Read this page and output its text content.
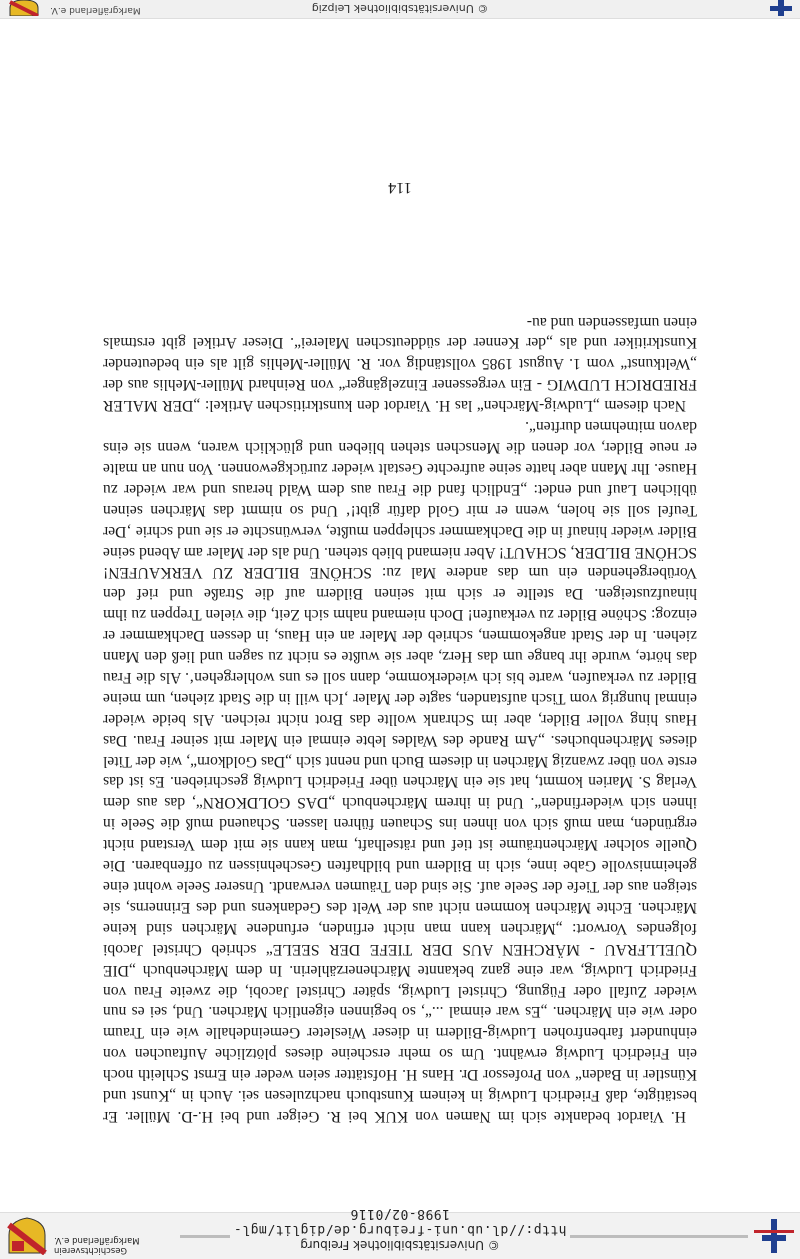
© Universitätsbibliothek Freiburg
http://dl.ub.uni-freiburg.de/diglit/mgl-1998-02/0116
Geschichtsverein
Markgräflerland e.V.

H. Viardot bedankte sich im Namen von KUK bei R. Geiger und bei H.-D. Müller. Er bestätigte, daß Friedrich Ludwig in keinem Kunstbuch nachzulesen sei. Auch in „Kunst und Künstler in Baden“ von Professor Dr. Hans H. Hofstätter seien weder ein Ernst Schleith noch ein Friedrich Ludwig erwähnt. Um so mehr erscheine dieses plötzliche Auftauchen von einhundert farbenfrohen Ludwig-Bildern in dieser Wieslеter Gemeindehalle wie ein Traum oder wie ein Märchen. „Es war einmal ...“, so beginnen eigentlich Märchen. Und, sei es nun wieder Zufall oder Fügung, Christel Ludwig, später Christel Jacobi, die zweite Frau von Friedrich Ludwig, war eine ganz bekannte Märchenerzählerin. In dem Märchenbuch „DIE QUELLFRAU - MÄRCHEN AUS DER TIEFE DER SEELE“ schrieb Christel Jacobi folgendes Vorwort: „Märchen kann man nicht erfinden, erfundene Märchen sind keine Märchen. Echte Märchen kommen nicht aus der Welt des Gedankens und des Erinnerns, sie steigen aus der Tiefe der Seele auf. Sie sind den Träumen verwandt. Unserer Seele wohnt eine geheimnisvolle Gabe inne, sich in Bildern und bildhaften Geschehnissen zu offenbaren. Die Quelle solcher Märchenträume ist tief und rätselhaft, man kann sie mit dem Verstand nicht ergründen, man muß sich von ihnen ins Schauen führen lassen. Schauend muß die Seele in ihnen sich wiederfinden“. Und in ihrem Märchenbuch „DAS GOLDKORN“, das aus dem Verlag S. Marien kommt, hat sie ein Märchen über Friedrich Ludwig geschrieben. Es ist das erste von über zwanzig Märchen in diesem Buch und nennt sich „Das Goldkorn“, wie der Titel dieses Märchenbuches. „Am Rande des Waldes lebte einmal ein Maler mit seiner Frau. Das Haus hing voller Bilder, aber im Schrank wollte das Brot nicht reichen. Als beide wieder einmal hungrig vom Tisch aufstanden, sagte der Maler ‚Ich will in die Stadt ziehen, um meine Bilder zu verkaufen, warte bis ich wiederkomme, dann soll es uns wohlergehen‘. Als die Frau das hörte, wurde ihr bange um das Herz, aber sie wußte es nicht zu sagen und ließ den Mann ziehen. In der Stadt angekommen, schrieb der Maler an ein Haus, in dessen Dachkammer er einzog: Schöne Bilder zu verkaufen! Doch niemand nahm sich Zeit, die vielen Treppen zu ihm hinaufzusteigen. Da stellte er sich mit seinen Bildern auf die Straße und rief den Vorübergehenden ein um das andere Mal zu: SCHÖNE BILDER ZU VERKAUFEN! SCHÖNE BILDER, SCHAUT! Aber niemand blieb stehen. Und als der Maler am Abend seine Bilder wieder hinauf in die Dachkammer schleppen mußte, verwünschte er sie und schrie ‚Der Teufel soll sie holen, wenn er mir Gold dafür gibt!‘ Und so nimmt das Märchen seinen üblichen Lauf und endet: „Endlich fand die Frau aus dem Wald heraus und war wieder zu Hause. Ihr Mann aber hatte seine aufrechte Gestalt wieder zurückgewonnen. Von nun an malte er neue Bilder, vor denen die Menschen stehen blieben und glücklich waren, wenn sie eins davon mitnehmen durften“.

Nach diesem „Ludwig-Märchen“ las H. Viardot den kunstkritischen Artikel: „DER MALER FRIEDRICH LUDWIG - Ein vergessener Einzelgänger“ von Reinhard Müller-Mehlis aus der „Weltkunst“ vom 1. August 1985 vollständig vor. R. Müller-Mehlis gilt als ein bedeutender Kunstkritiker und als „der Kenner der süddeutschen Malerei“. Dieser Artikel gibt erstmals einen umfassenden und au-

114
© Universitätsbibliothek Leipzig
Markgräflerland e.V.
